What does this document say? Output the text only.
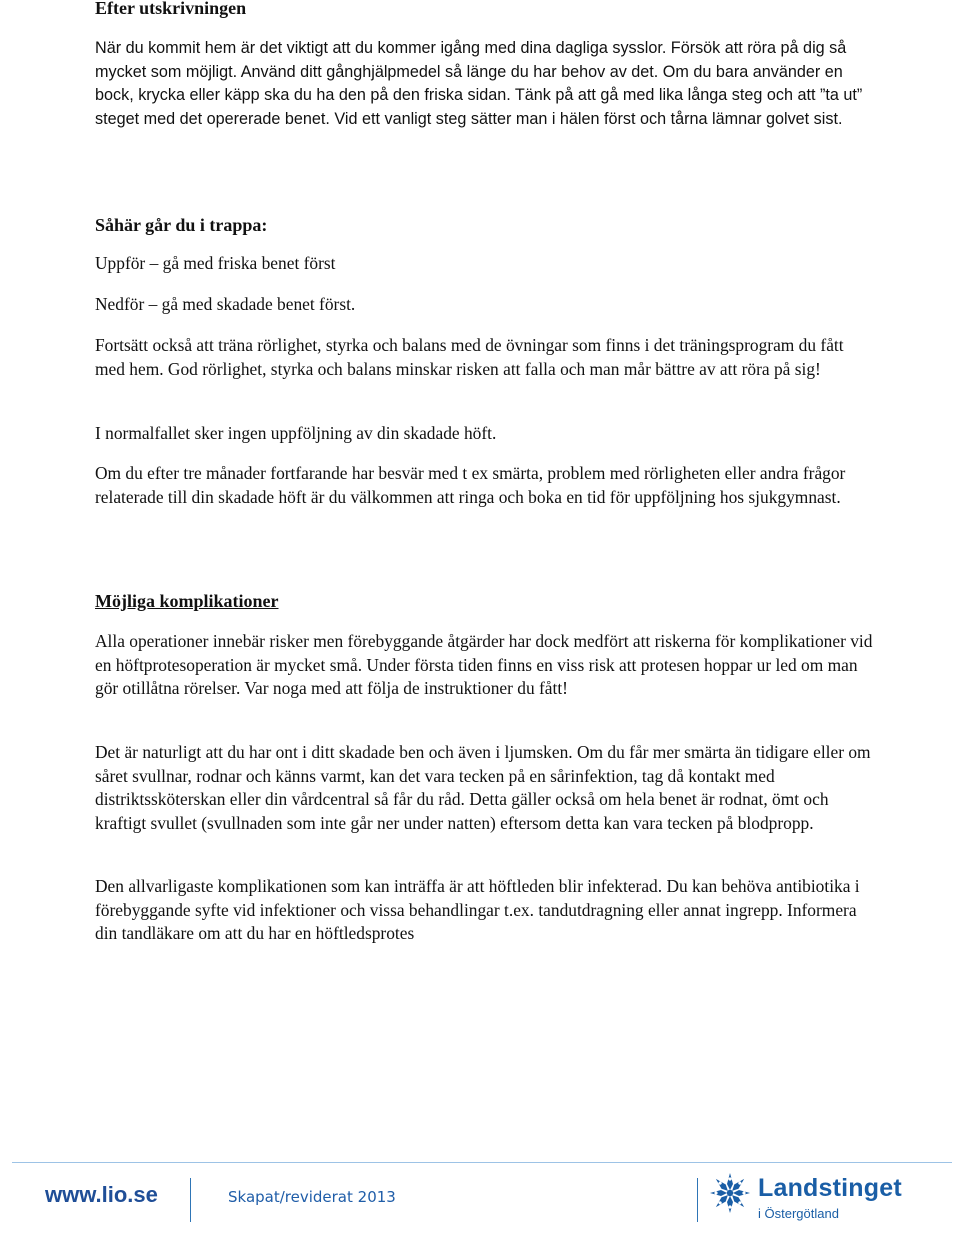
Efter utskrivningen

När du kommit hem är det viktigt att du kommer igång med dina dagliga sysslor. Försök att röra på dig så mycket som möjligt. Använd ditt gånghjälpmedel så länge du har behov av det. Om du bara använder en bock, krycka eller käpp ska du ha den på den friska sidan. Tänk på att gå med lika långa steg och att ”ta ut” steget med det opererade benet. Vid ett vanligt steg sätter man i hälen först och tårna lämnar golvet sist.

Såhär går du i trappa:

Uppför – gå med friska benet först

Nedför – gå med skadade benet först.

Fortsätt också att träna rörlighet, styrka och balans med de övningar som finns i det träningsprogram du fått med hem. God rörlighet, styrka och balans minskar risken att falla och man mår bättre av att röra på sig!

I normalfallet sker ingen uppföljning av din skadade höft.

Om du efter tre månader fortfarande har besvär med t ex smärta, problem med rörligheten eller andra frågor relaterade till din skadade höft är du välkommen att ringa och boka en tid för uppföljning hos sjukgymnast.

Möjliga komplikationer

Alla operationer innebär risker men förebyggande åtgärder har dock medfört att riskerna för komplikationer vid en höftprotesoperation är mycket små. Under första tiden finns en viss risk att protesen hoppar ur led om man gör otillåtna rörelser. Var noga med att följa de instruktioner du fått!

Det är naturligt att du har ont i ditt skadade ben och även i ljumsken. Om du får mer smärta än tidigare eller om såret svullnar, rodnar och känns varmt, kan det vara tecken på en sårinfektion, tag då kontakt med distriktssköterskan eller din vårdcentral så får du råd. Detta gäller också om hela benet är rodnat, ömt och kraftigt svullet (svullnaden som inte går ner under natten) eftersom detta kan vara tecken på blodpropp.

Den allvarligaste komplikationen som kan inträffa är att höftleden blir infekterad. Du kan behöva antibiotika i förebyggande syfte vid infektioner och vissa behandlingar t.ex. tandutdragning eller annat ingrepp. Informera din tandläkare om att du har en höftledsprotes

www.lio.se	Skapat/reviderat 2013	Landstinget
i Östergötland
